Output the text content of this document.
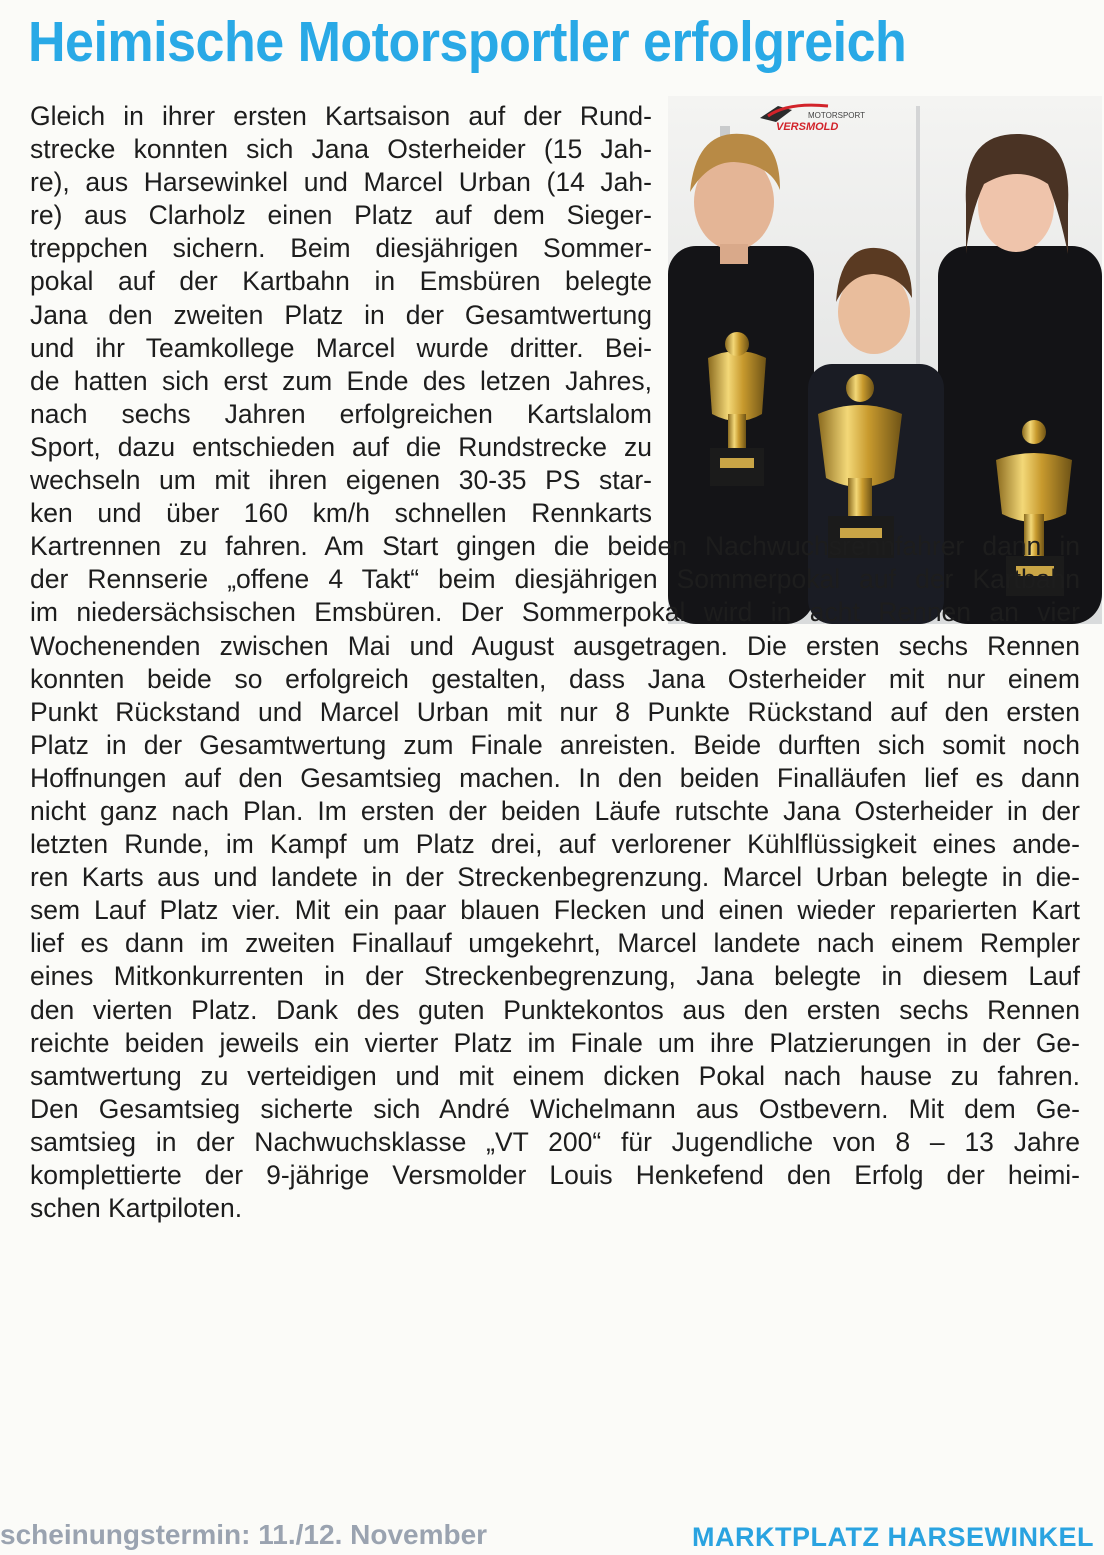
Heimische Motorsportler erfolgreich
MOTORSPORT
VERSMOLD
Gleich in ihrer ersten Kartsaison auf der Rund-
strecke konnten sich Jana Osterheider (15 Jah-
re), aus Harsewinkel und Marcel Urban (14 Jah-
re) aus Clarholz einen Platz auf dem Sieger-
treppchen sichern. Beim diesjährigen Sommer-
pokal auf der Kartbahn in Emsbüren belegte
Jana den zweiten Platz in der Gesamtwertung
und ihr Teamkollege Marcel wurde dritter. Bei-
de hatten sich erst zum Ende des letzen Jahres,
nach sechs Jahren erfolgreichen Kartslalom
Sport, dazu entschieden auf die Rundstrecke zu
wechseln um mit ihren eigenen 30-35 PS star-
ken und über 160 km/h schnellen Rennkarts
Kartrennen zu fahren. Am Start gingen die beiden Nachwuchsrennfahrer dann in
der Rennserie „offene 4 Takt“ beim diesjährigen Sommerpokal auf der Kartbahn
im niedersächsischen Emsbüren. Der Sommerpokal wird in acht Rennen an vier
Wochenenden zwischen Mai und August ausgetragen. Die ersten sechs Rennen
konnten beide so erfolgreich gestalten, dass Jana Osterheider mit nur einem
Punkt Rückstand und Marcel Urban mit nur 8 Punkte Rückstand auf den ersten
Platz in der Gesamtwertung zum Finale anreisten. Beide durften sich somit noch
Hoffnungen auf den Gesamtsieg machen. In den beiden Finalläufen lief es dann
nicht ganz nach Plan. Im ersten der beiden Läufe rutschte Jana Osterheider in der
letzten Runde, im Kampf um Platz drei, auf verlorener Kühlflüssigkeit eines ande-
ren Karts aus und landete in der Streckenbegrenzung. Marcel Urban belegte in die-
sem Lauf Platz vier. Mit ein paar blauen Flecken und einen wieder reparierten Kart
lief es dann im zweiten Finallauf umgekehrt, Marcel landete nach einem Rempler
eines Mitkonkurrenten in der Streckenbegrenzung, Jana belegte in diesem Lauf
den vierten Platz. Dank des guten Punktekontos aus den ersten sechs Rennen
reichte beiden jeweils ein vierter Platz im Finale um ihre Platzierungen in der Ge-
samtwertung zu verteidigen und mit einem dicken Pokal nach hause zu fahren.
Den Gesamtsieg sicherte sich André Wichelmann aus Ostbevern. Mit dem Ge-
samtsieg in der Nachwuchsklasse „VT 200“ für Jugendliche von 8 – 13 Jahre
komplettierte der 9-jährige Versmolder Louis Henkefend den Erfolg der heimi-
schen Kartpiloten.
scheinungstermin: 11./12. November	MARKTPLATZ HARSEWINKEL
